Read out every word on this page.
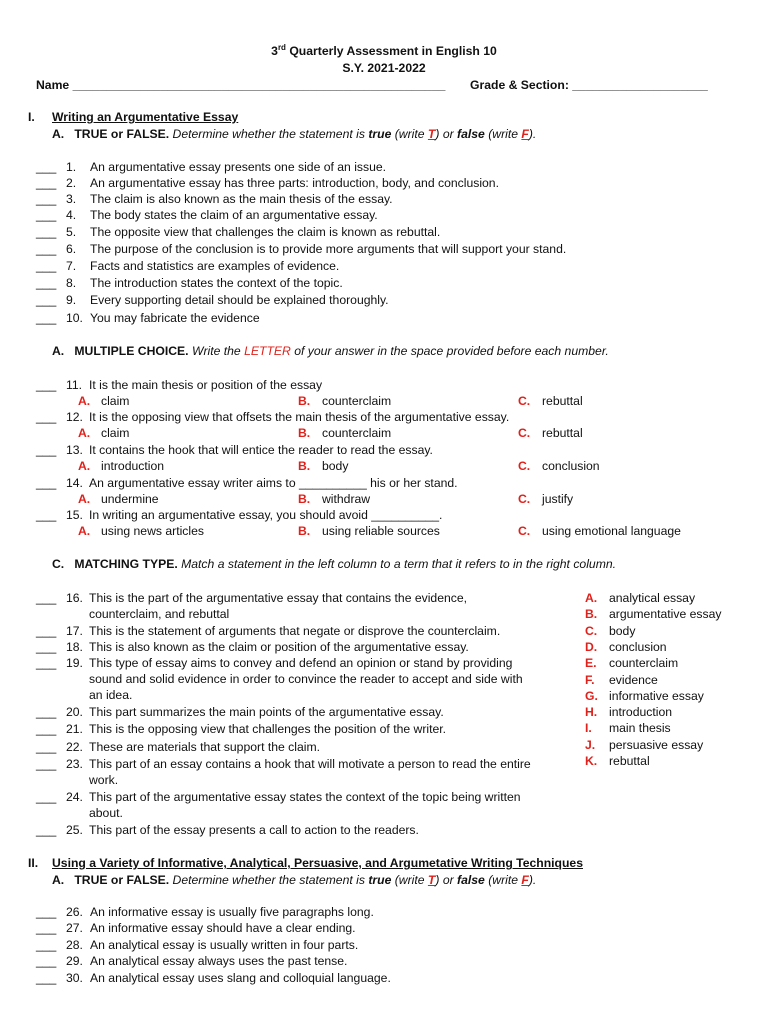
3rd Quarterly Assessment in English 10
S.Y. 2021-2022
Name _______________________________________________________ Grade & Section: ____________________
I. Writing an Argumentative Essay
A. TRUE or FALSE. Determine whether the statement is true (write T) or false (write F).
___ 1. An argumentative essay presents one side of an issue.
___ 2. An argumentative essay has three parts: introduction, body, and conclusion.
___ 3. The claim is also known as the main thesis of the essay.
___ 4. The body states the claim of an argumentative essay.
___ 5. The opposite view that challenges the claim is known as rebuttal.
___ 6. The purpose of the conclusion is to provide more arguments that will support your stand.
___ 7. Facts and statistics are examples of evidence.
___ 8. The introduction states the context of the topic.
___ 9. Every supporting detail should be explained thoroughly.
___ 10. You may fabricate the evidence
A. MULTIPLE CHOICE. Write the LETTER of your answer in the space provided before each number.
___ 11. It is the main thesis or position of the essay
A. claim	B. counterclaim	C. rebuttal
___ 12. It is the opposing view that offsets the main thesis of the argumentative essay.
A. claim	B. counterclaim	C. rebuttal
___ 13. It contains the hook that will entice the reader to read the essay.
A. introduction	B. body	C. conclusion
___ 14. An argumentative essay writer aims to __________ his or her stand.
A. undermine	B. withdraw	C. justify
___ 15. In writing an argumentative essay, you should avoid __________.
A. using news articles	B. using reliable sources	C. using emotional language
C. MATCHING TYPE. Match a statement in the left column to a term that it refers to in the right column.
___ 16. This is the part of the argumentative essay that contains the evidence,
counterclaim, and rebuttal
___ 17. This is the statement of arguments that negate or disprove the counterclaim.
___ 18. This is also known as the claim or position of the argumentative essay.
___ 19. This type of essay aims to convey and defend an opinion or stand by providing
sound and solid evidence in order to convince the reader to accept and side with
an idea.
___ 20. This part summarizes the main points of the argumentative essay.
___ 21. This is the opposing view that challenges the position of the writer.
___ 22. These are materials that support the claim.
___ 23. This part of an essay contains a hook that will motivate a person to read the entire
work.
___ 24. This part of the argumentative essay states the context of the topic being written
about.
___ 25. This part of the essay presents a call to action to the readers.
A. analytical essay
B. argumentative essay
C. body
D. conclusion
E. counterclaim
F. evidence
G. informative essay
H. introduction
I. main thesis
J. persuasive essay
K. rebuttal
II. Using a Variety of Informative, Analytical, Persuasive, and Argumetative Writing Techniques
A. TRUE or FALSE. Determine whether the statement is true (write T) or false (write F).
___ 26. An informative essay is usually five paragraphs long.
___ 27. An informative essay should have a clear ending.
___ 28. An analytical essay is usually written in four parts.
___ 29. An analytical essay always uses the past tense.
___ 30. An analytical essay uses slang and colloquial language.
